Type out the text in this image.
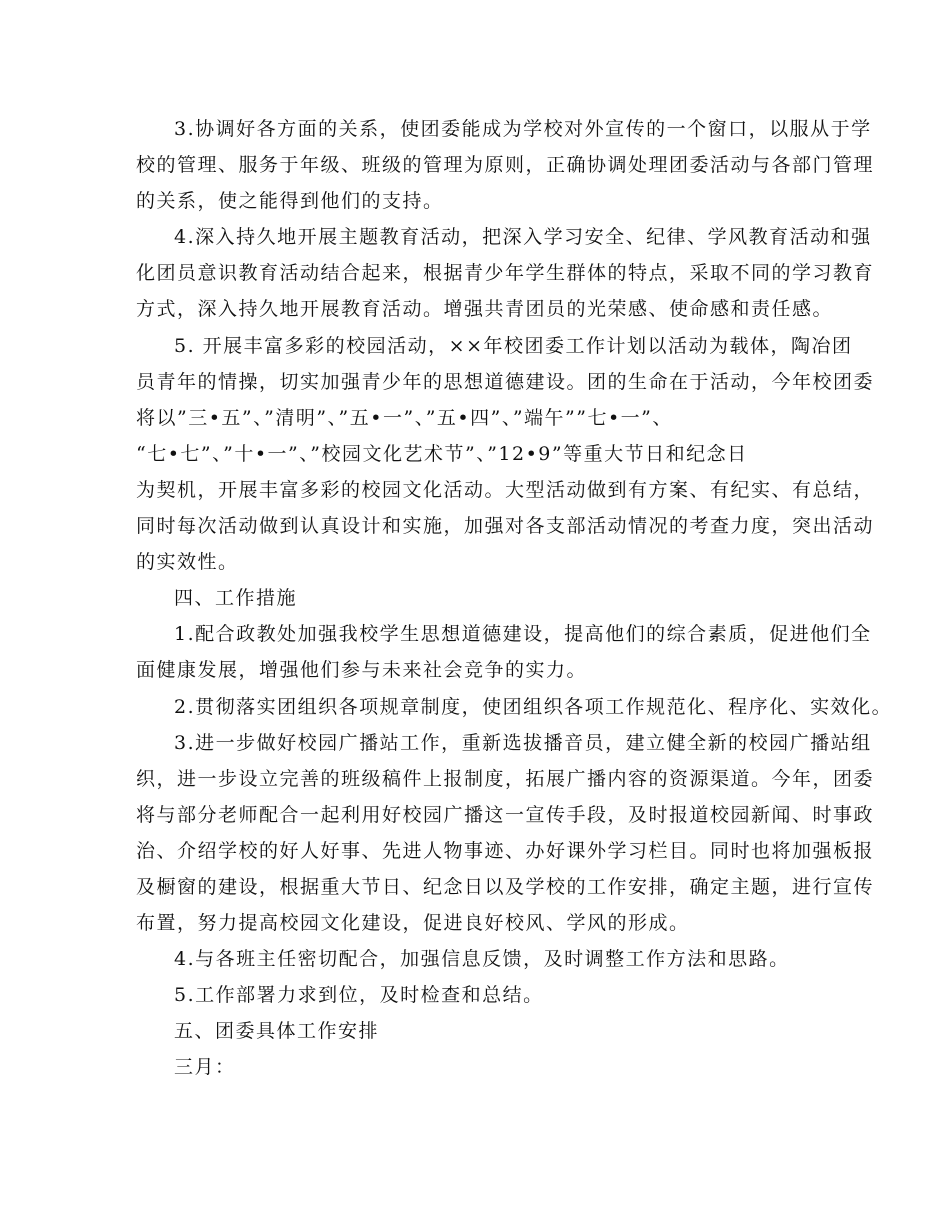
3.协调好各方面的关系，使团委能成为学校对外宣传的一个窗口，以服从于学
校的管理、服务于年级、班级的管理为原则，正确协调处理团委活动与各部门管理
的关系，使之能得到他们的支持。

4.深入持久地开展主题教育活动，把深入学习安全、纪律、学风教育活动和强
化团员意识教育活动结合起来，根据青少年学生群体的特点，采取不同的学习教育
方式，深入持久地开展教育活动。增强共青团员的光荣感、使命感和责任感。

5. 开展丰富多彩的校园活动，××年校团委工作计划以活动为载体，陶冶团
员青年的情操，切实加强青少年的思想道德建设。团的生命在于活动，今年校团委
将以”三•五”、”清明”、”五•一”、”五•四”、”端午””七•一”、
“七•七”、”十•一”、”校园文化艺术节”、”12•9”等重大节日和纪念日
为契机，开展丰富多彩的校园文化活动。大型活动做到有方案、有纪实、有总结，
同时每次活动做到认真设计和实施，加强对各支部活动情况的考查力度，突出活动
的实效性。

四、工作措施

1.配合政教处加强我校学生思想道德建设，提高他们的综合素质，促进他们全
面健康发展，增强他们参与未来社会竞争的实力。

2.贯彻落实团组织各项规章制度，使团组织各项工作规范化、程序化、实效化。

3.进一步做好校园广播站工作，重新选拔播音员，建立健全新的校园广播站组
织，进一步设立完善的班级稿件上报制度，拓展广播内容的资源渠道。今年，团委
将与部分老师配合一起利用好校园广播这一宣传手段，及时报道校园新闻、时事政
治、介绍学校的好人好事、先进人物事迹、办好课外学习栏目。同时也将加强板报
及橱窗的建设，根据重大节日、纪念日以及学校的工作安排，确定主题，进行宣传
布置，努力提高校园文化建设，促进良好校风、学风的形成。

4.与各班主任密切配合，加强信息反馈，及时调整工作方法和思路。

5.工作部署力求到位，及时检查和总结。

五、团委具体工作安排

三月：
